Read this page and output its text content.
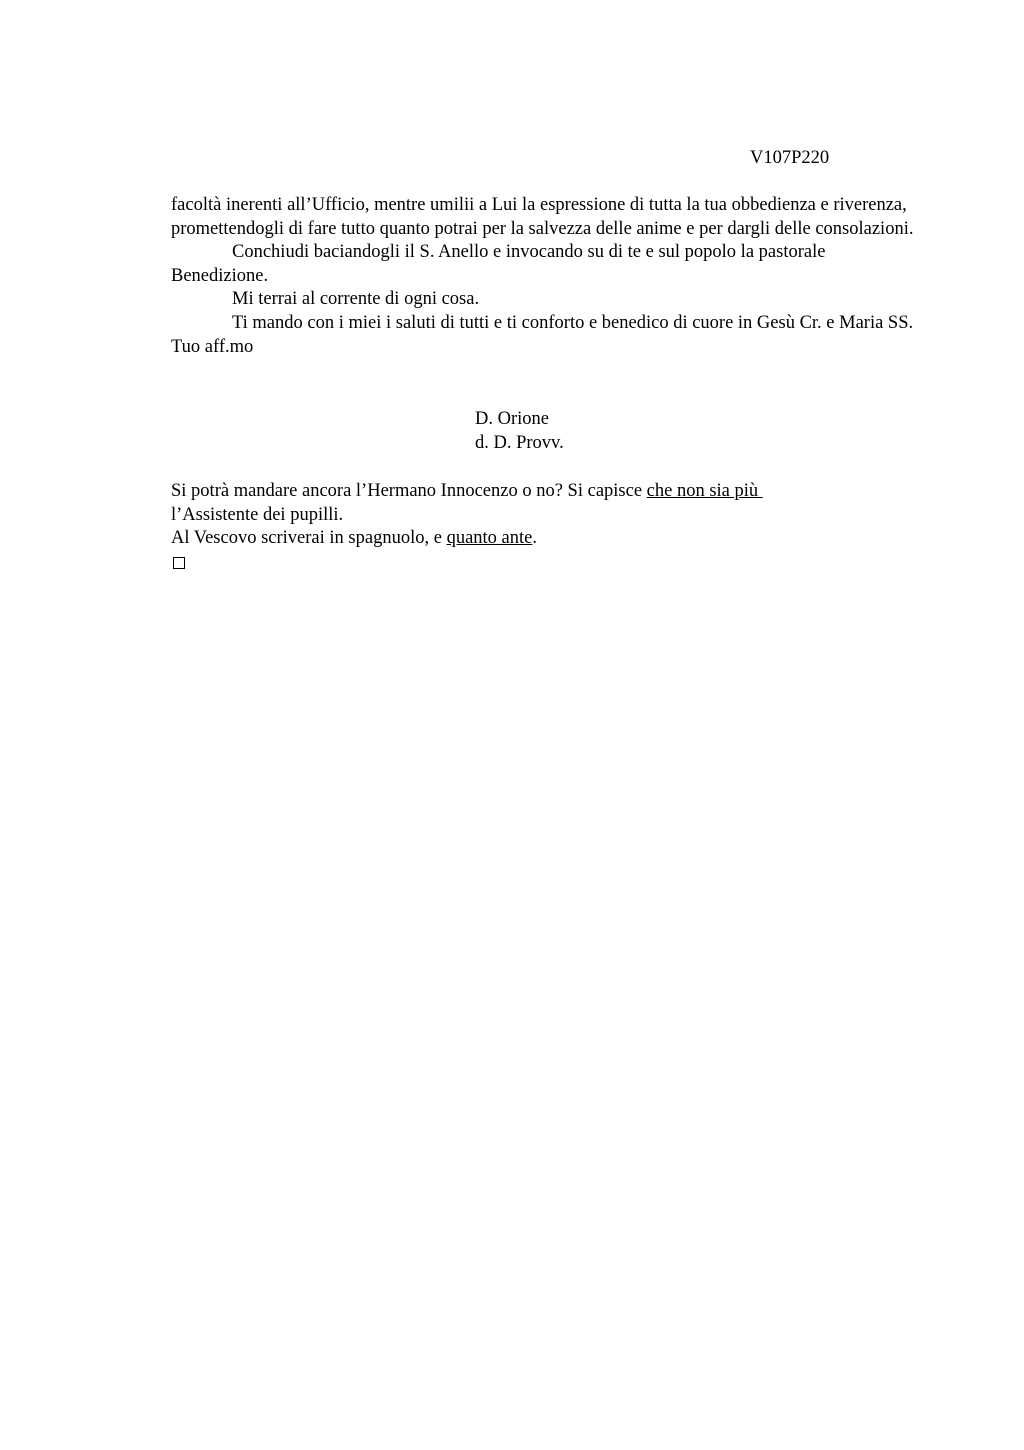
V107P220

facoltà inerenti all’Ufficio, mentre umilii a Lui la espressione di tutta la tua obbedienza e riverenza, promettendogli di fare tutto quanto potrai per la salvezza delle anime e per dargli delle consolazioni.

Conchiudi baciandogli il S. Anello e invocando su di te e sul popolo la pastorale Benedizione.

Mi terrai al corrente di ogni cosa.

Ti mando con i miei i saluti di tutti e ti conforto e benedico di cuore in Gesù Cr. e Maria SS. Tuo aff.mo

D. Orione
d. D. Provv.

Si potrà mandare ancora l’Hermano Innocenzo o no? Si capisce che non sia più
l’Assistente dei pupilli.

Al Vescovo scriverai in spagnuolo, e quanto ante.
